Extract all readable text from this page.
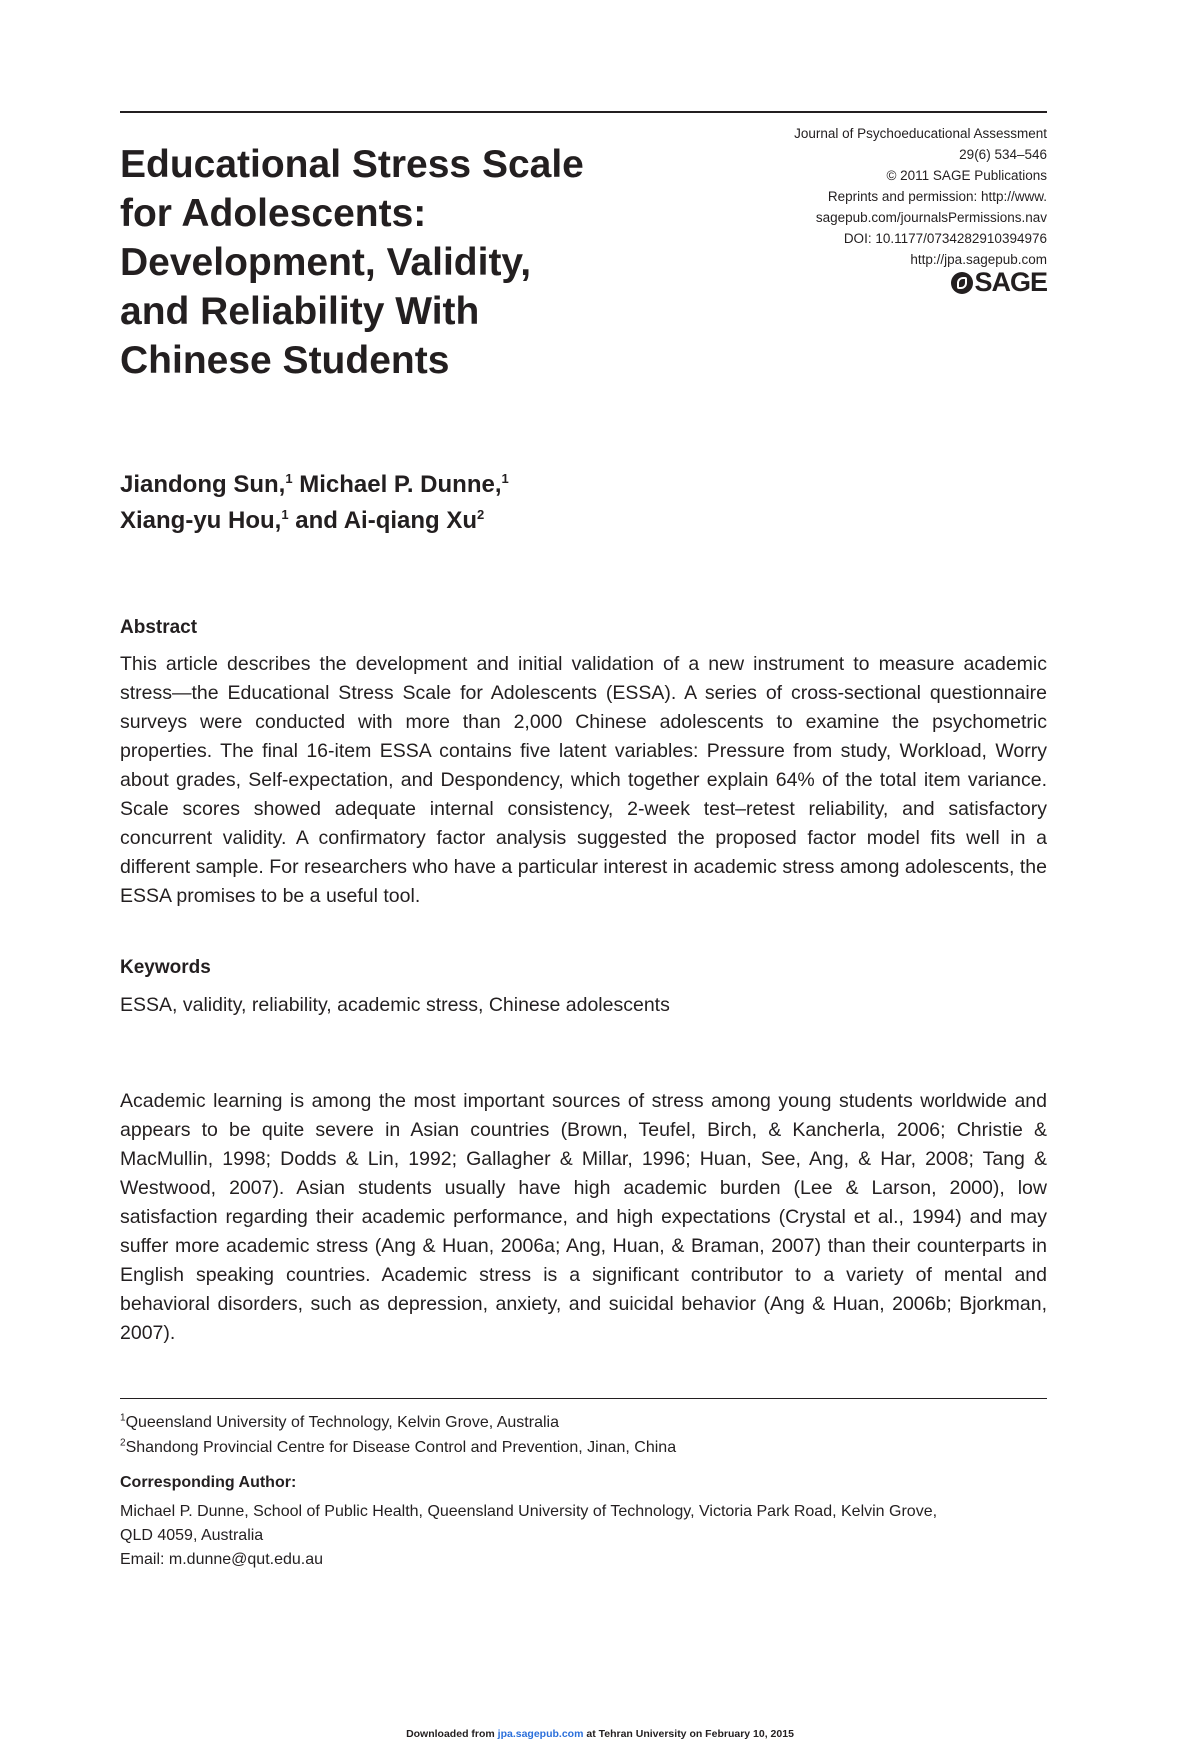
Educational Stress Scale
for Adolescents:
Development, Validity,
and Reliability With
Chinese Students
Journal of Psychoeducational Assessment
29(6) 534–546
© 2011 SAGE Publications
Reprints and permission: http://www.
sagepub.com/journalsPermissions.nav
DOI: 10.1177/0734282910394976
http://jpa.sagepub.com
SAGE
Jiandong Sun,$^1$ Michael P. Dunne,$^1$
Xiang-yu Hou,$^1$ and Ai-qiang Xu$^2$
Abstract

This article describes the development and initial validation of a new instrument to measure academic stress—the Educational Stress Scale for Adolescents (ESSA). A series of cross-sectional questionnaire surveys were conducted with more than 2,000 Chinese adolescents to examine the psychometric properties. The final 16-item ESSA contains five latent variables: Pressure from study, Workload, Worry about grades, Self-expectation, and Despondency, which together explain 64% of the total item variance. Scale scores showed adequate internal consistency, 2-week test–retest reliability, and satisfactory concurrent validity. A confirmatory factor analysis suggested the proposed factor model fits well in a different sample. For researchers who have a particular interest in academic stress among adolescents, the ESSA promises to be a useful tool.

Keywords
ESSA, validity, reliability, academic stress, Chinese adolescents

Academic learning is among the most important sources of stress among young students worldwide and appears to be quite severe in Asian countries (Brown, Teufel, Birch, & Kancherla, 2006; Christie & MacMullin, 1998; Dodds & Lin, 1992; Gallagher & Millar, 1996; Huan, See, Ang, & Har, 2008; Tang & Westwood, 2007). Asian students usually have high academic burden (Lee & Larson, 2000), low satisfaction regarding their academic performance, and high expectations (Crystal et al., 1994) and may suffer more academic stress (Ang & Huan, 2006a; Ang, Huan, & Braman, 2007) than their counterparts in English speaking countries. Academic stress is a significant contributor to a variety of mental and behavioral disorders, such as depression, anxiety, and suicidal behavior (Ang & Huan, 2006b; Bjorkman, 2007).

$^1$Queensland University of Technology, Kelvin Grove, Australia
$^2$Shandong Provincial Centre for Disease Control and Prevention, Jinan, China
Corresponding Author:
Michael P. Dunne, School of Public Health, Queensland University of Technology, Victoria Park Road, Kelvin Grove,
QLD 4059, Australia
Email: m.dunne@qut.edu.au
Downloaded from jpa.sagepub.com at Tehran University on February 10, 2015
